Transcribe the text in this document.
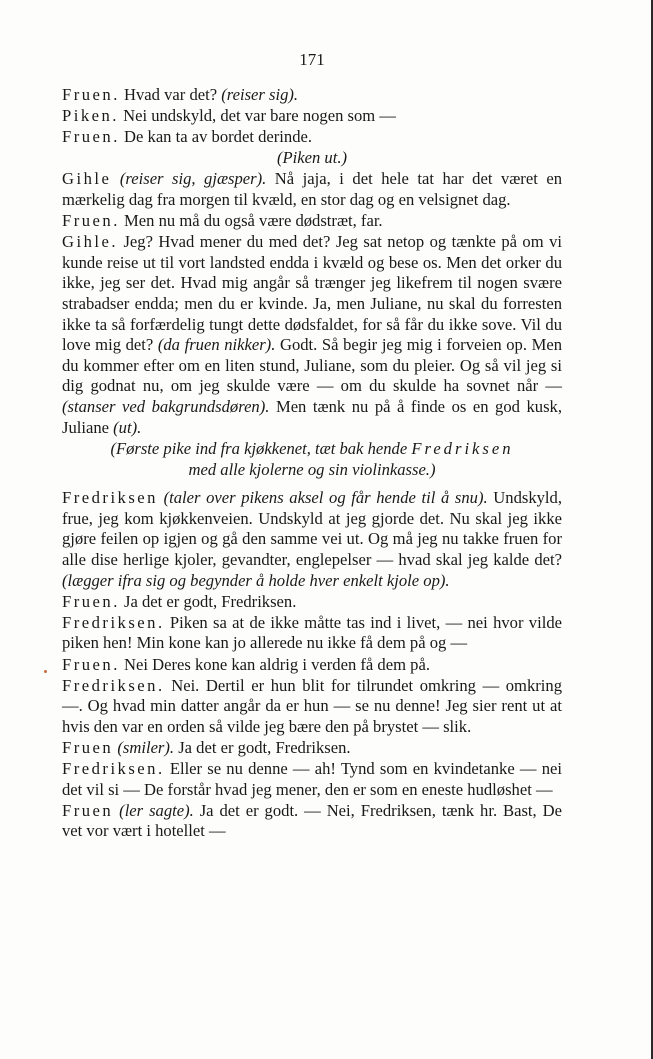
171

Fruen. Hvad var det? (reiser sig).

Piken. Nei undskyld, det var bare nogen som —

Fruen. De kan ta av bordet derinde.

(Piken ut.)

Gihle (reiser sig, gjæsper). Nå jaja, i det hele tat har det været en mærkelig dag fra morgen til kvæld, en stor dag og en velsignet dag.

Fruen. Men nu må du også være dødstræt, far.

Gihle. Jeg? Hvad mener du med det? Jeg sat netop og tænkte på om vi kunde reise ut til vort landsted endda i kvæld og bese os. Men det orker du ikke, jeg ser det. Hvad mig angår så trænger jeg likefrem til nogen svære strabadser endda; men du er kvinde. Ja, men Juliane, nu skal du forresten ikke ta så forfærdelig tungt dette dødsfaldet, for så får du ikke sove. Vil du love mig det? (da fruen nikker). Godt. Så begir jeg mig i forveien op. Men du kommer efter om en liten stund, Juliane, som du pleier. Og så vil jeg si dig godnat nu, om jeg skulde være — om du skulde ha sovnet når — (stanser ved bakgrundsdøren). Men tænk nu på å finde os en god kusk, Juliane (ut).

(Første pike ind fra kjøkkenet, tæt bak hende Fredriksen
med alle kjolerne og sin violinkasse.)

Fredriksen (taler over pikens aksel og får hende til å snu). Undskyld, frue, jeg kom kjøkkenveien. Undskyld at jeg gjorde det. Nu skal jeg ikke gjøre feilen op igjen og gå den samme vei ut. Og må jeg nu takke fruen for alle dise herlige kjoler, gevandter, englepelser — hvad skal jeg kalde det? (lægger ifra sig og begynder å holde hver enkelt kjole op).

Fruen. Ja det er godt, Fredriksen.

Fredriksen. Piken sa at de ikke måtte tas ind i livet, — nei hvor vilde piken hen! Min kone kan jo allerede nu ikke få dem på og —

Fruen. Nei Deres kone kan aldrig i verden få dem på.

Fredriksen. Nei. Dertil er hun blit for tilrundet omkring — omkring —. Og hvad min datter angår da er hun — se nu denne! Jeg sier rent ut at hvis den var en orden så vilde jeg bære den på brystet — slik.

Fruen (smiler). Ja det er godt, Fredriksen.

Fredriksen. Eller se nu denne — ah! Tynd som en kvindetanke — nei det vil si — De forstår hvad jeg mener, den er som en eneste hudløshet —

Fruen (ler sagte). Ja det er godt. — Nei, Fredriksen, tænk hr. Bast, De vet vor vært i hotellet —
